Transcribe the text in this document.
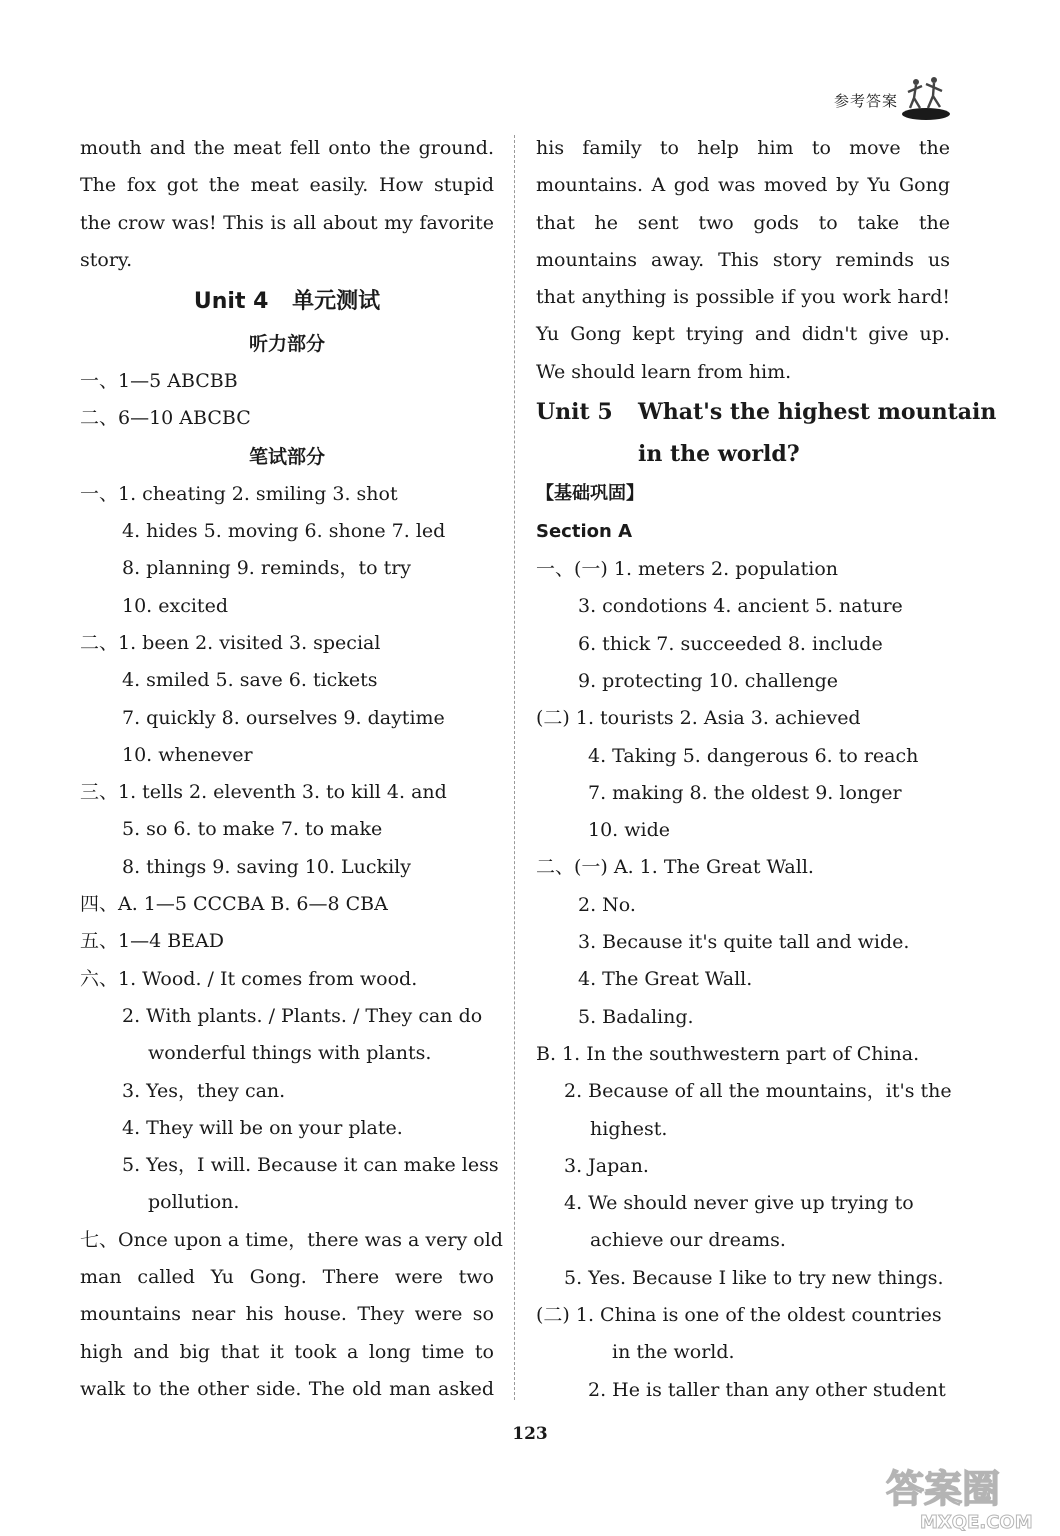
参考答案
mouth and the meat fell onto the ground.
The fox got the meat easily. How stupid
the crow was! This is all about my favorite
story.
Unit 4 单元测试
听力部分
一、1—5 ABCBB
二、6—10 ABCBC
笔试部分
一、1. cheating 2. smiling 3. shot
4. hides 5. moving 6. shone 7. led
8. planning 9. reminds，to try
10. excited
二、1. been 2. visited 3. special
4. smiled 5. save 6. tickets
7. quickly 8. ourselves 9. daytime
10. whenever
三、1. tells 2. eleventh 3. to kill 4. and
5. so 6. to make 7. to make
8. things 9. saving 10. Luckily
四、A. 1—5 CCCBA B. 6—8 CBA
五、1—4 BEAD
六、1. Wood. / It comes from wood.
2. With plants. / Plants. / They can do
wonderful things with plants.
3. Yes，they can.
4. They will be on your plate.
5. Yes，I will. Because it can make less
pollution.
七、Once upon a time，there was a very old
man called Yu Gong. There were two
mountains near his house. They were so
high and big that it took a long time to
walk to the other side. The old man asked
his family to help him to move the
mountains. A god was moved by Yu Gong
that he sent two gods to take the
mountains away. This story reminds us
that anything is possible if you work hard!
Yu Gong kept trying and didn't give up.
We should learn from him.
Unit 5 What's the highest mountain
in the world?
【基础巩固】
Section A
一、(一) 1. meters 2. population
3. condotions 4. ancient 5. nature
6. thick 7. succeeded 8. include
9. protecting 10. challenge
(二) 1. tourists 2. Asia 3. achieved
4. Taking 5. dangerous 6. to reach
7. making 8. the oldest 9. longer
10. wide
二、(一) A. 1. The Great Wall.
2. No.
3. Because it's quite tall and wide.
4. The Great Wall.
5. Badaling.
B. 1. In the southwestern part of China.
2. Because of all the mountains，it's the
highest.
3. Japan.
4. We should never give up trying to
achieve our dreams.
5. Yes. Because I like to try new things.
(二) 1. China is one of the oldest countries
in the world.
2. He is taller than any other student
123
答案圈
MXQE.COM
